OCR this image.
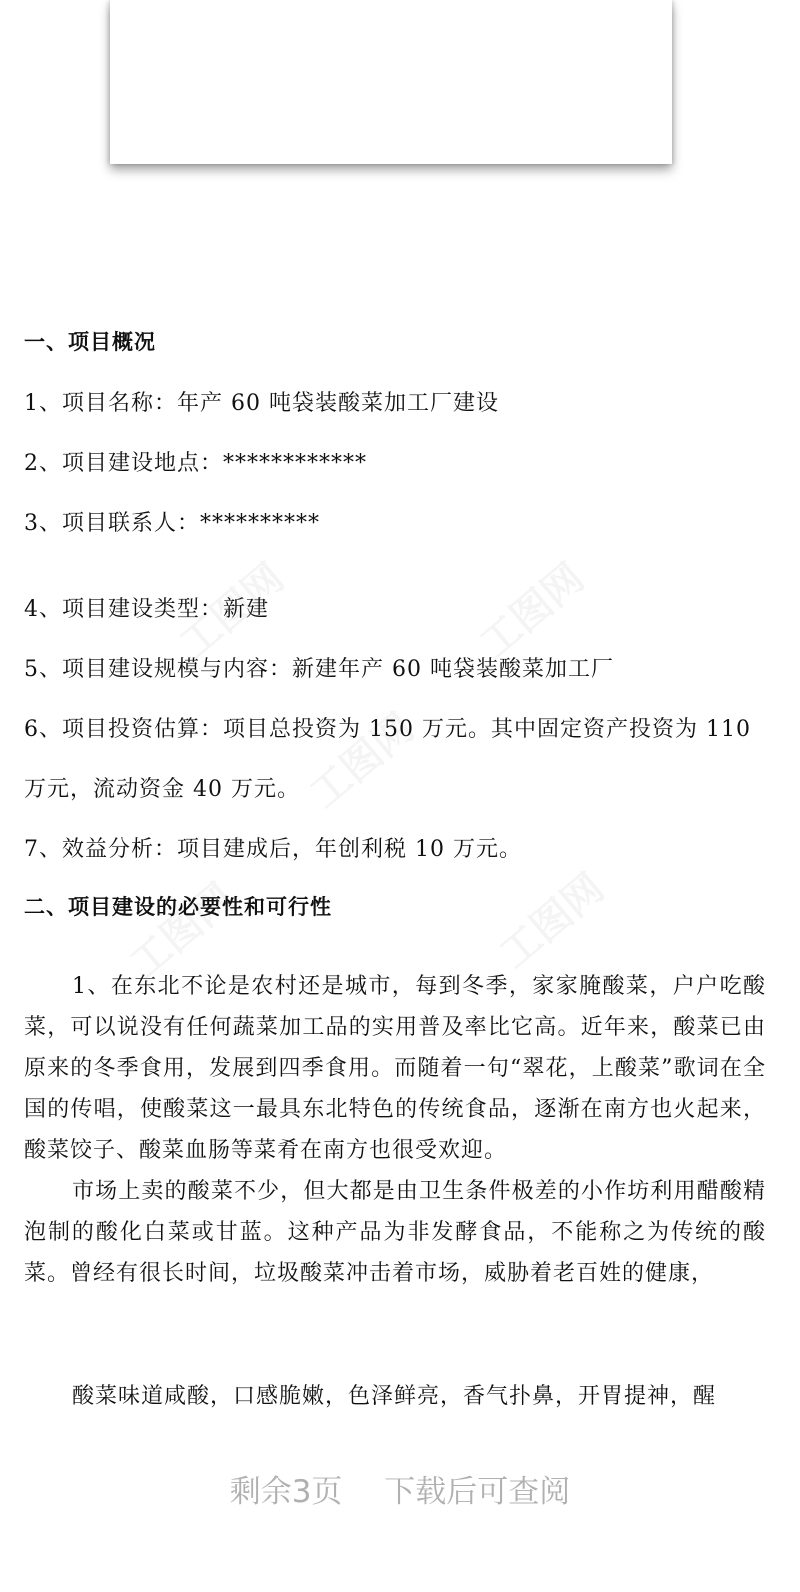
一、项目概况
1、项目名称：年产 60 吨袋装酸菜加工厂建设
2、项目建设地点：************
3、项目联系人：**********
4、项目建设类型：新建
5、项目建设规模与内容：新建年产 60 吨袋装酸菜加工厂
6、项目投资估算：项目总投资为 150 万元。其中固定资产投资为 110
万元，流动资金 40 万元。
7、效益分析：项目建成后，年创利税 10 万元。
二、项目建设的必要性和可行性
1、在东北不论是农村还是城市，每到冬季，家家腌酸菜，户户吃酸菜，可以说没有任何蔬菜加工品的实用普及率比它高。近年来，酸菜已由原来的冬季食用，发展到四季食用。而随着一句“翠花，上酸菜”歌词在全国的传唱，使酸菜这一最具东北特色的传统食品，逐渐在南方也火起来，酸菜饺子、酸菜血肠等菜肴在南方也很受欢迎。
市场上卖的酸菜不少，但大都是由卫生条件极差的小作坊利用醋酸精泡制的酸化白菜或甘蓝。这种产品为非发酵食品，不能称之为传统的酸菜。曾经有很长时间，垃圾酸菜冲击着市场，威胁着老百姓的健康，
酸菜味道咸酸，口感脆嫩，色泽鲜亮，香气扑鼻，开胃提神，醒
剩余3页 下载后可查阅
